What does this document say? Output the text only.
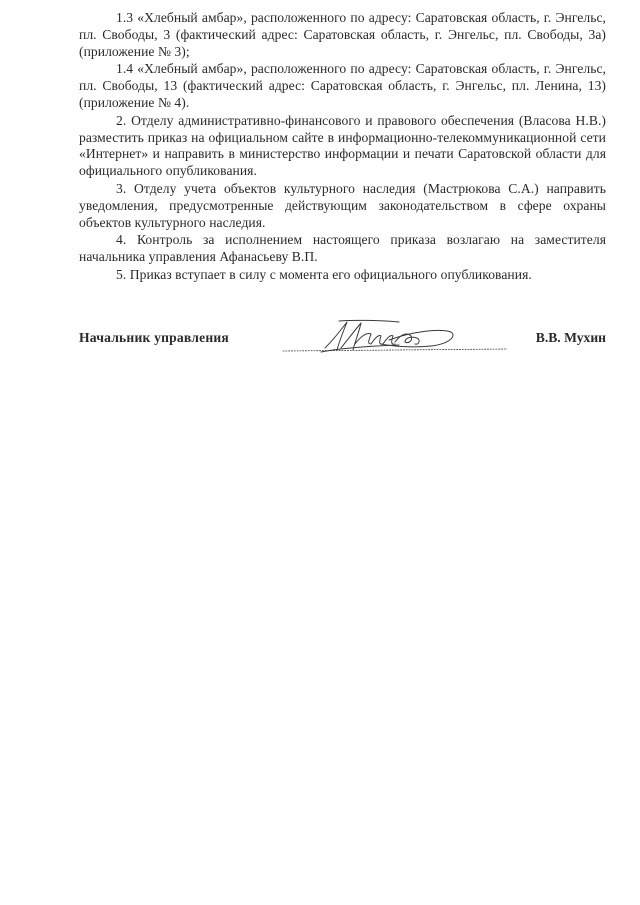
1.3 «Хлебный амбар», расположенного по адресу: Саратовская область, г. Энгельс, пл. Свободы, 3 (фактический адрес: Саратовская область, г. Энгельс, пл. Свободы, 3а) (приложение № 3);

1.4 «Хлебный амбар», расположенного по адресу: Саратовская область, г. Энгельс, пл. Свободы, 13 (фактический адрес: Саратовская область, г. Энгельс, пл. Ленина, 13) (приложение № 4).

2. Отделу административно-финансового и правового обеспечения (Власова Н.В.) разместить приказ на официальном сайте в информационно-телекоммуникационной сети «Интернет» и направить в министерство информации и печати Саратовской области для официального опубликования.

3. Отделу учета объектов культурного наследия (Мастрюкова С.А.) направить уведомления, предусмотренные действующим законодательством в сфере охраны объектов культурного наследия.

4. Контроль за исполнением настоящего приказа возлагаю на заместителя начальника управления Афанасьеву В.П.

5. Приказ вступает в силу с момента его официального опубликования.

Начальник управления	В.В. Мухин
